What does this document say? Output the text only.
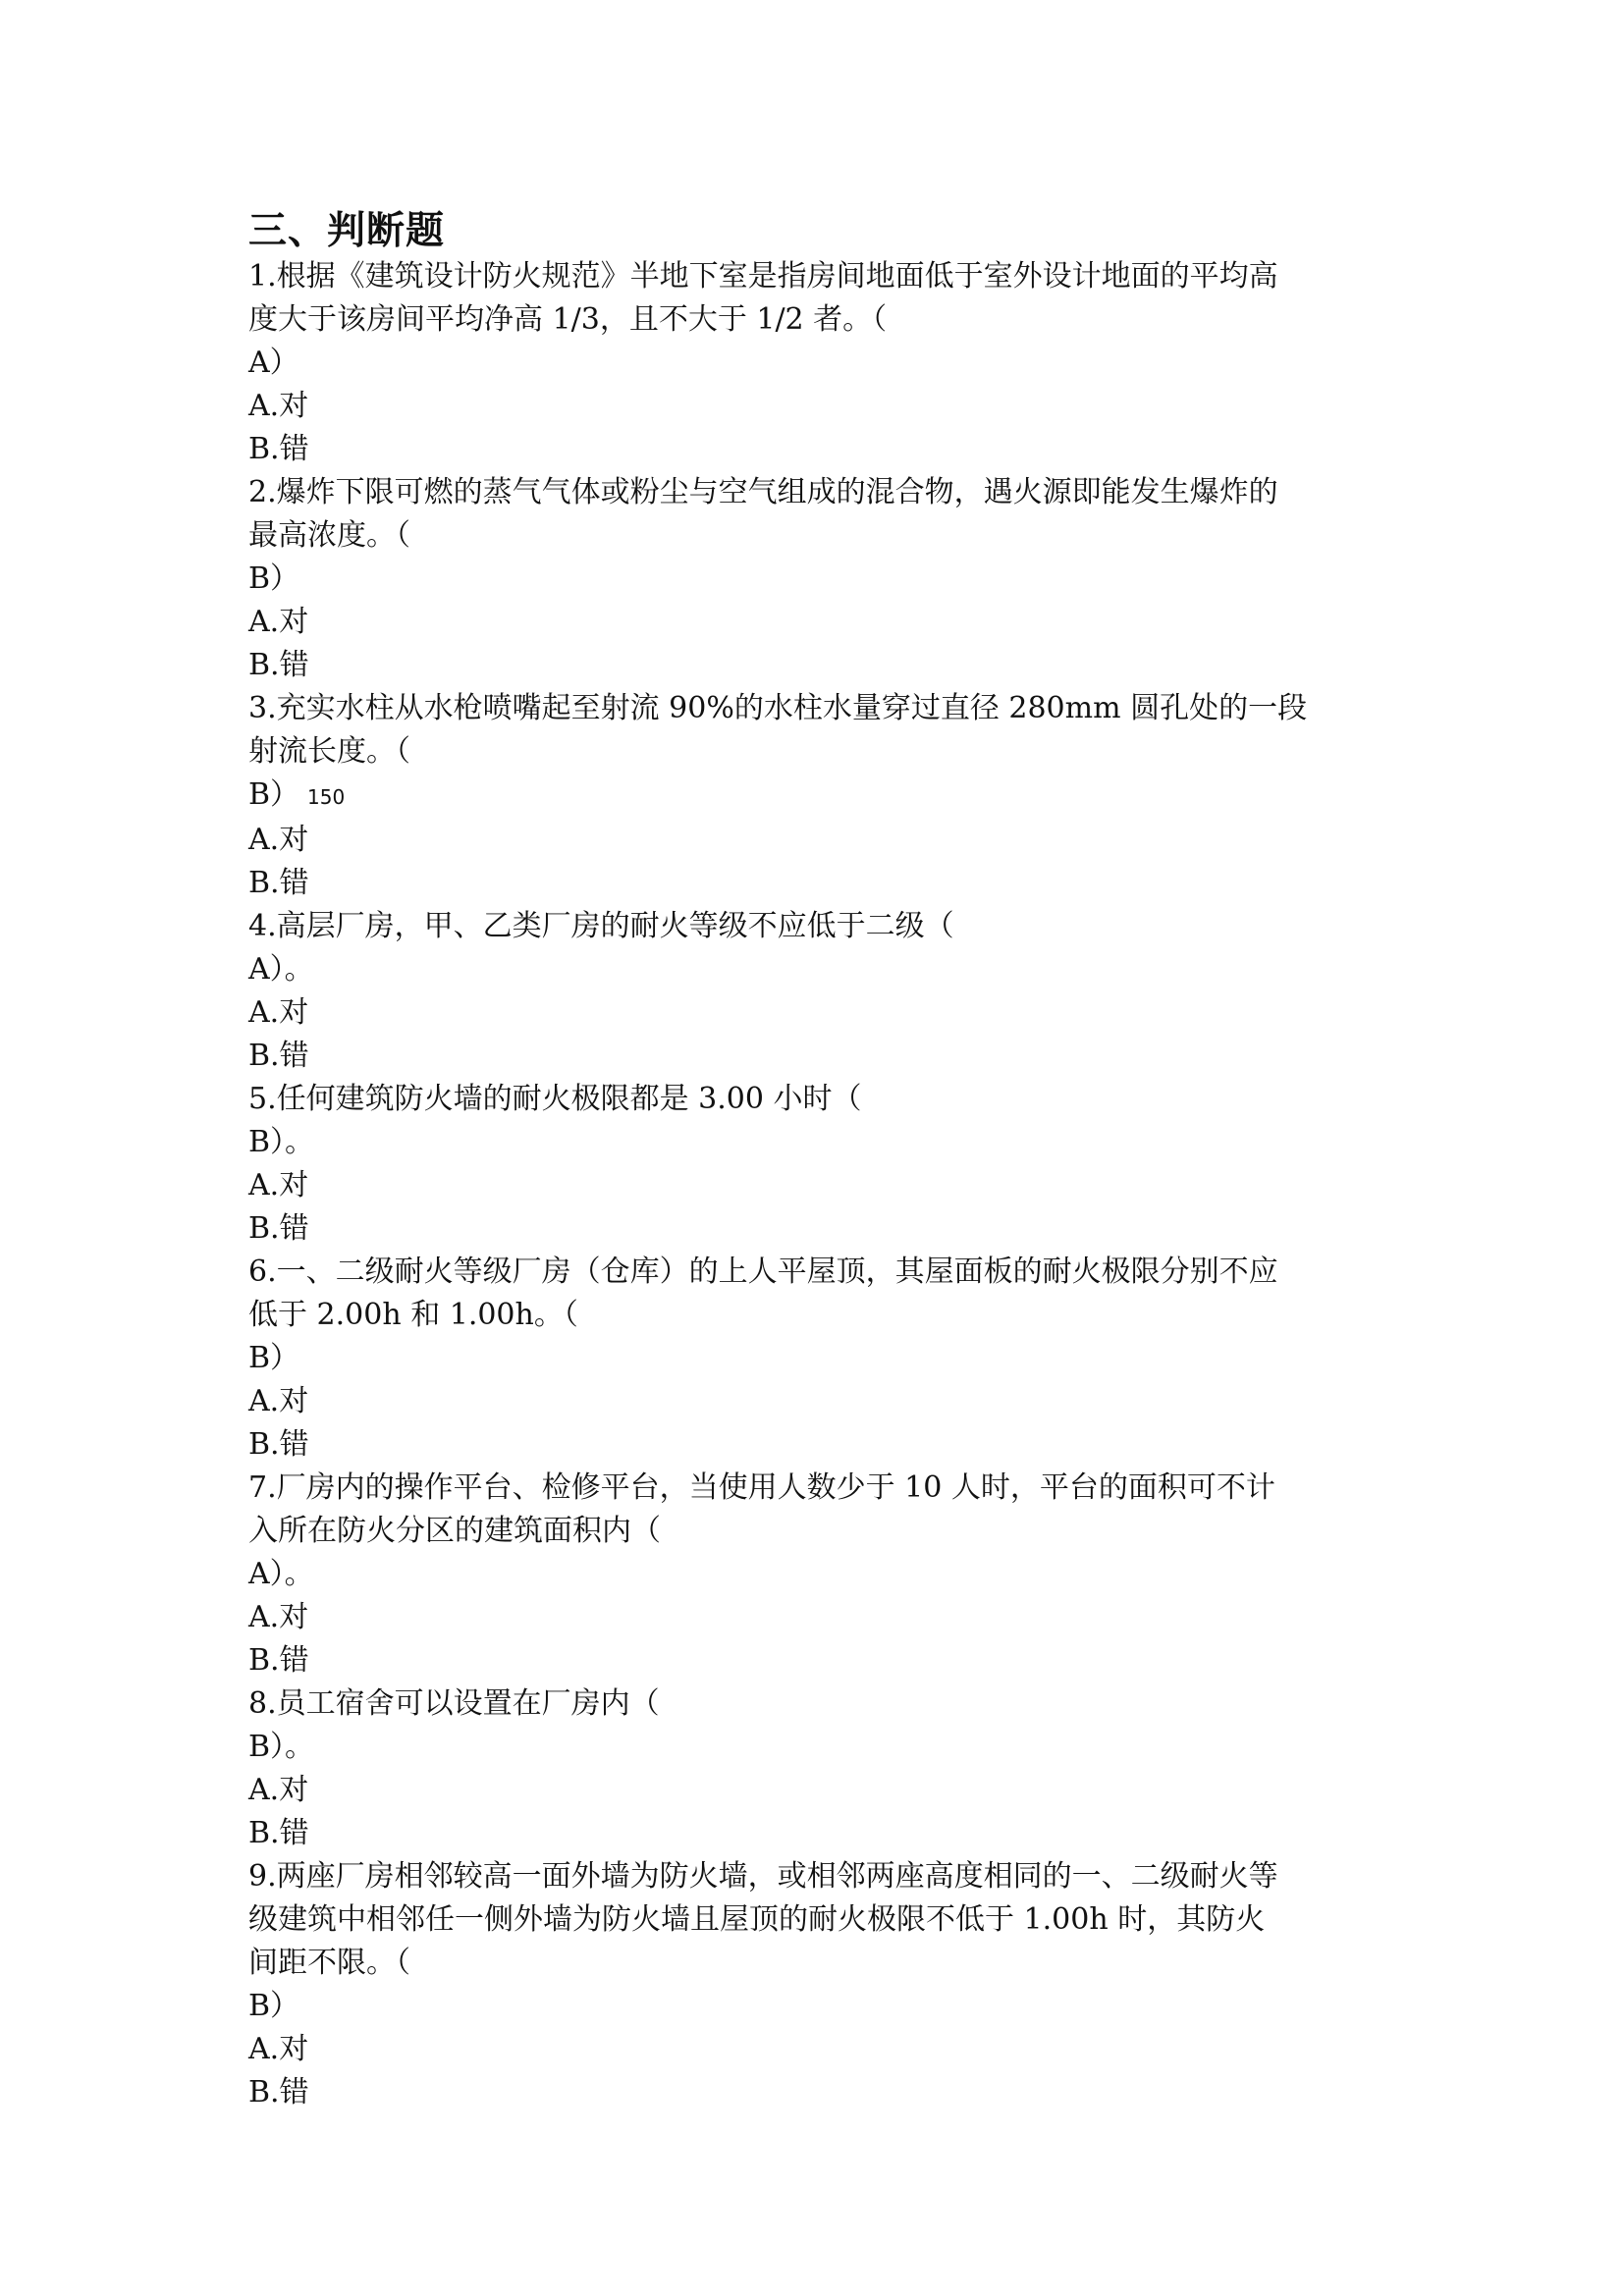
三、判断题

1.根据《建筑设计防火规范》半地下室是指房间地面低于室外设计地面的平均高

度大于该房间平均净高 1/3，且不大于 1/2 者。（

A）

A.对

B.错

2.爆炸下限可燃的蒸气气体或粉尘与空气组成的混合物，遇火源即能发生爆炸的

最高浓度。（

B）

A.对

B.错

3.充实水柱从水枪喷嘴起至射流 90%的水柱水量穿过直径 280mm 圆孔处的一段

射流长度。（

B） 150

A.对

B.错

4.高层厂房，甲、乙类厂房的耐火等级不应低于二级（

A）。

A.对

B.错

5.任何建筑防火墙的耐火极限都是 3.00 小时（

B）。

A.对

B.错

6.一、二级耐火等级厂房（仓库）的上人平屋顶，其屋面板的耐火极限分别不应

低于 2.00h 和 1.00h。（

B）

A.对

B.错

7.厂房内的操作平台、检修平台，当使用人数少于 10 人时，平台的面积可不计

入所在防火分区的建筑面积内（

A）。

A.对

B.错

8.员工宿舍可以设置在厂房内（

B）。

A.对

B.错

9.两座厂房相邻较高一面外墙为防火墙，或相邻两座高度相同的一、二级耐火等

级建筑中相邻任一侧外墙为防火墙且屋顶的耐火极限不低于 1.00h 时，其防火

间距不限。（

B）

A.对

B.错
